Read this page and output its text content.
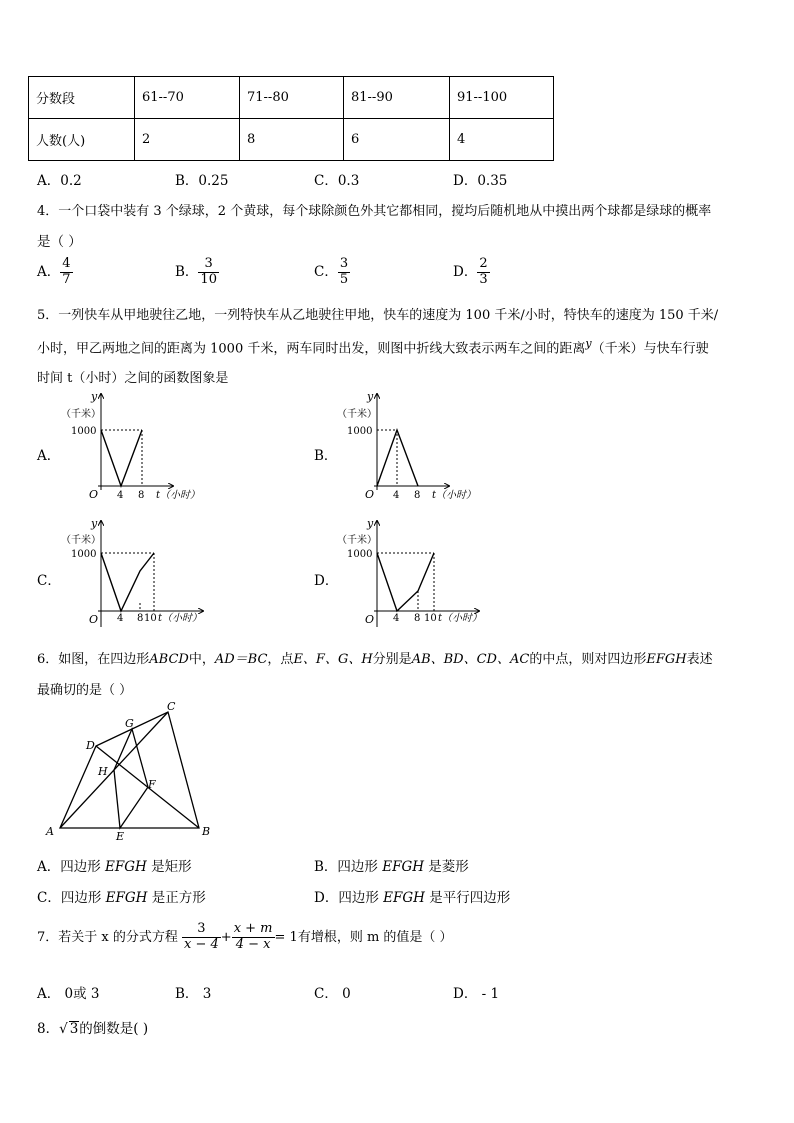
分数段	61--70	71--80	81--90	91--100
人数(人)	2	8	6	4
A．0.2	B．0.25	C．0.3	D．0.35
4．一个口袋中装有 3 个绿球，2 个黄球，每个球除颜色外其它都相同，搅均后随机地从中摸出两个球都是绿球的概率
是（ ）
A． $\frac{4}{7}$	B． $\frac{3}{10}$	C． $\frac{3}{5}$	D． $\frac{2}{3}$
5．一列快车从甲地驶往乙地，一列特快车从乙地驶往甲地，快车的速度为 100 千米/小时，特快车的速度为 150 千米/
小时，甲乙两地之间的距离为 1000 千米，两车同时出发，则图中折线大致表示两车之间的距离$^y$（千米）与快车行驶
时间 t（小时）之间的函数图象是
A．	B．
C．	D．
y
（千米）
1000
O 4 8 t（小时）
y
（千米）
1000
O 4 8 t（小时）
y
（千米）
1000
O 4 8 10 t（小时）
y
（千米）
1000
O 4 8 10 t（小时）
6．如图，在四边形ABCD中，AD＝BC，点E、F、G、H分别是AB、BD、CD、AC的中点，则对四边形EFGH表述
最确切的是（ ）
A	B
C
D
E
F
G
H
A．四边形 EFGH 是矩形	B．四边形 EFGH 是菱形
C．四边形 EFGH 是正方形	D．四边形 EFGH 是平行四边形
7．若关于 x 的分式方程 $\frac{3}{x - 4} + \frac{x + m}{4 - x} = 1$有增根，则 m 的值是（ ）
A． 0或 3	B． 3	C． 0	D． - 1
8．√ 3的倒数是( )
